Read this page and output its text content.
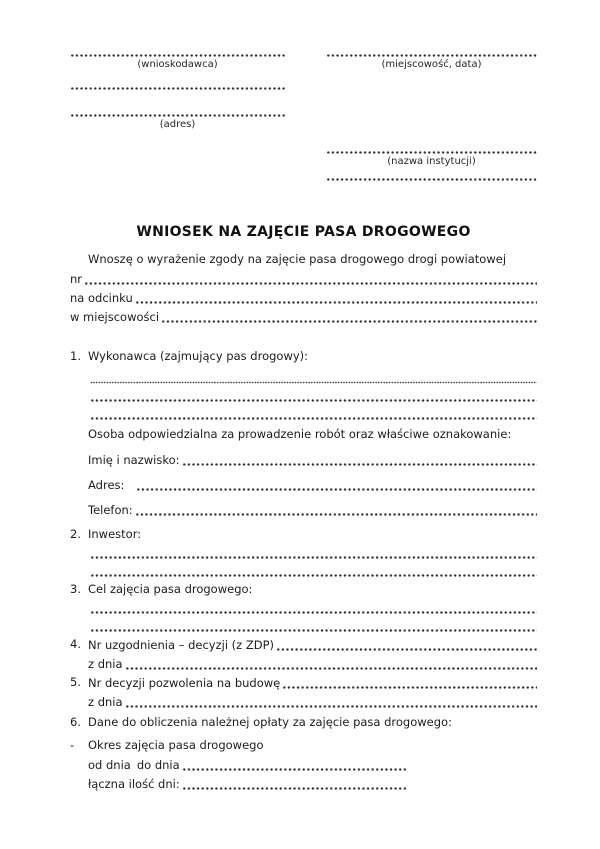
(wnioskodawca)
(adres)
(miejscowość, data)
(nazwa instytucji)
WNIOSEK NA ZAJĘCIE PASA DROGOWEGO
Wnoszę o wyrażenie zgody na zajęcie pasa drogowego drogi powiatowej
nr
na odcinku
w miejscowości
1. Wykonawca (zajmujący pas drogowy):
Osoba odpowiedzialna za prowadzenie robót oraz właściwe oznakowanie:
Imię i nazwisko:
Adres:
Telefon:
2. Inwestor:
3. Cel zajęcia pasa drogowego:
4. Nr uzgodnienia – decyzji (z ZDP)
z dnia
5. Nr decyzji pozwolenia na budowę
z dnia
6. Dane do obliczenia należnej opłaty za zajęcie pasa drogowego:
-	Okres zajęcia pasa drogowego
od dnia do dnia
łączna ilość dni:
